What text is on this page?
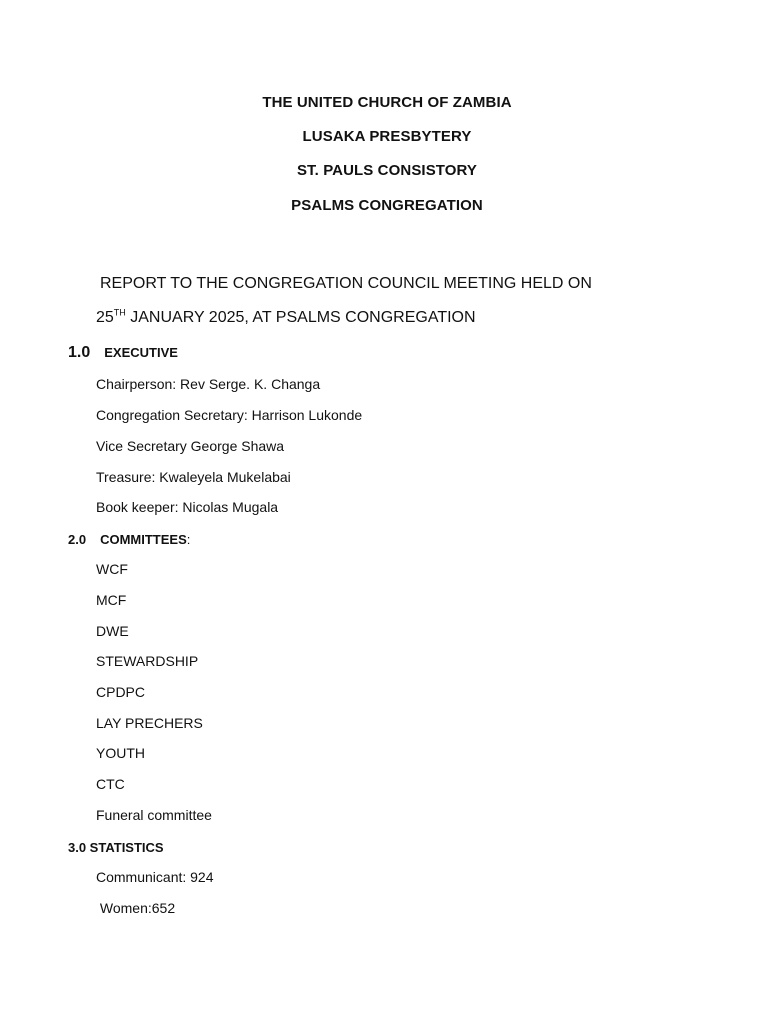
THE UNITED CHURCH OF ZAMBIA
LUSAKA PRESBYTERY
ST. PAULS CONSISTORY
PSALMS CONGREGATION
REPORT TO THE CONGREGATION COUNCIL MEETING HELD ON
25TH JANUARY 2025, AT PSALMS CONGREGATION
1.0 EXECUTIVE
Chairperson: Rev Serge. K. Changa
Congregation Secretary: Harrison Lukonde
Vice Secretary George Shawa
Treasure: Kwaleyela Mukelabai
Book keeper: Nicolas Mugala
2.0 COMMITTEES:
WCF
MCF
DWE
STEWARDSHIP
CPDPC
LAY PRECHERS
YOUTH
CTC
Funeral committee
3.0 STATISTICS
Communicant: 924
Women:652
